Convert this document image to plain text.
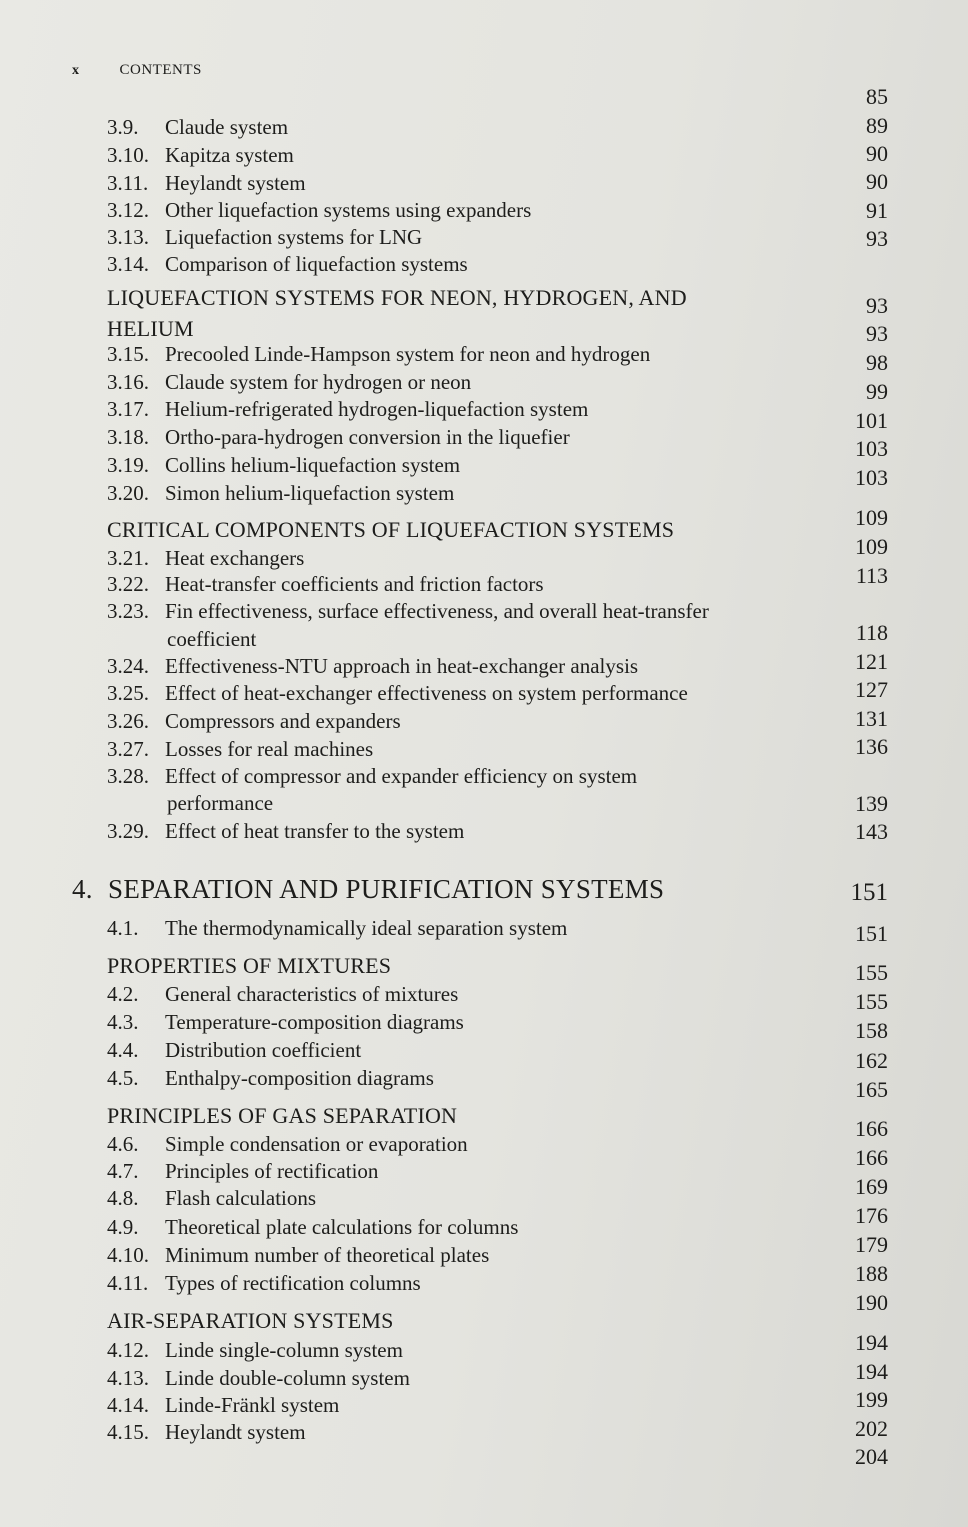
x	CONTENTS
85
89
90
90
91
93
93
93
98
99
101
103
103
109
109
113
118
121
127
131
136
139
143
151
151
155
155
158
162
165
166
166
169
176
179
188
190
194
194
199
202
204
3.9. Claude system
3.10. Kapitza system
3.11. Heylandt system
3.12. Other liquefaction systems using expanders
3.13. Liquefaction systems for LNG
3.14. Comparison of liquefaction systems
LIQUEFACTION SYSTEMS FOR NEON, HYDROGEN, AND
HELIUM
3.15. Precooled Linde-Hampson system for neon and hydrogen
3.16. Claude system for hydrogen or neon
3.17. Helium-refrigerated hydrogen-liquefaction system
3.18. Ortho-para-hydrogen conversion in the liquefier
3.19. Collins helium-liquefaction system
3.20. Simon helium-liquefaction system
CRITICAL COMPONENTS OF LIQUEFACTION SYSTEMS
3.21. Heat exchangers
3.22. Heat-transfer coefficients and friction factors
3.23. Fin effectiveness, surface effectiveness, and overall heat-transfer
coefficient
3.24. Effectiveness-NTU approach in heat-exchanger analysis
3.25. Effect of heat-exchanger effectiveness on system performance
3.26. Compressors and expanders
3.27. Losses for real machines
3.28. Effect of compressor and expander efficiency on system
performance
3.29. Effect of heat transfer to the system
4. SEPARATION AND PURIFICATION SYSTEMS
4.1. The thermodynamically ideal separation system
PROPERTIES OF MIXTURES
4.2. General characteristics of mixtures
4.3. Temperature-composition diagrams
4.4. Distribution coefficient
4.5. Enthalpy-composition diagrams
PRINCIPLES OF GAS SEPARATION
4.6. Simple condensation or evaporation
4.7. Principles of rectification
4.8. Flash calculations
4.9. Theoretical plate calculations for columns
4.10. Minimum number of theoretical plates
4.11. Types of rectification columns
AIR-SEPARATION SYSTEMS
4.12. Linde single-column system
4.13. Linde double-column system
4.14. Linde-Fränkl system
4.15. Heylandt system
